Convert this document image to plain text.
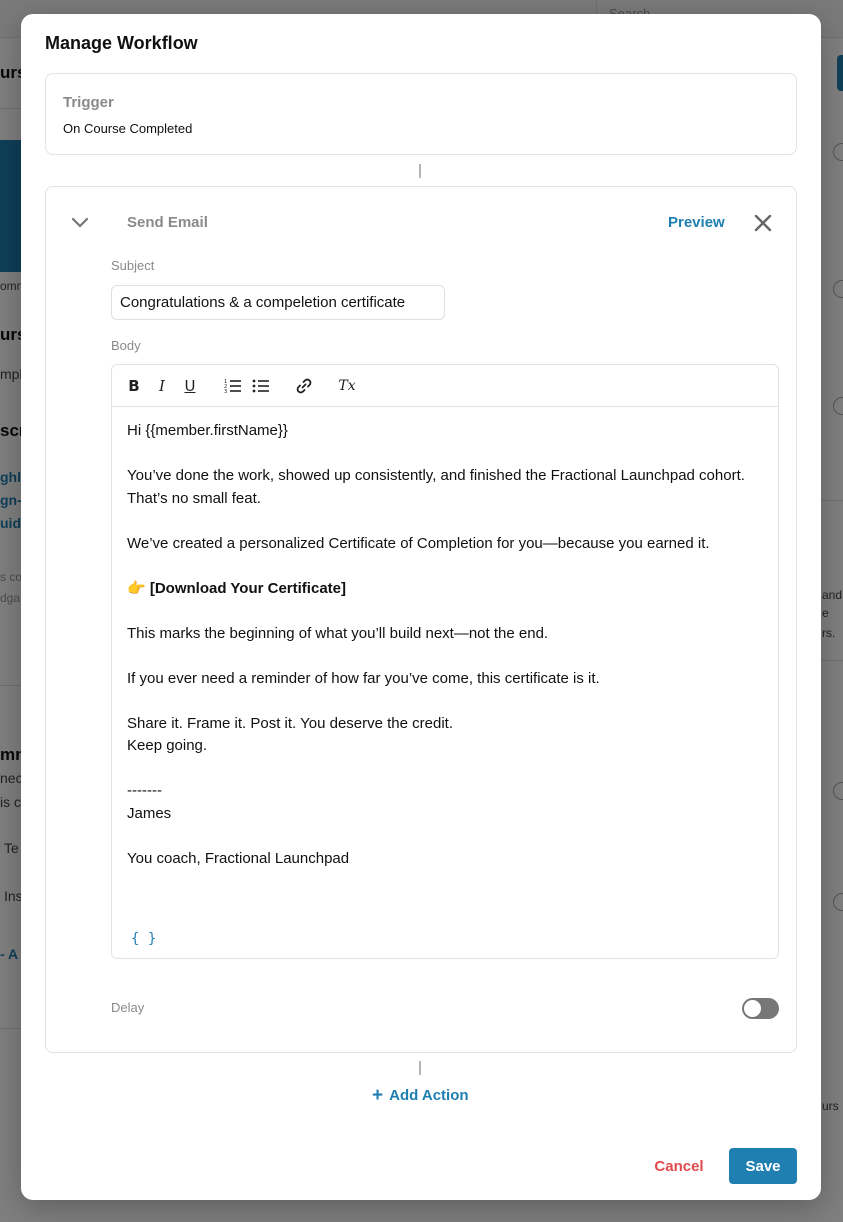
Manage Workflow
Trigger
On Course Completed
Send Email	Preview
Subject
Congratulations & a compeletion certificate
Body
B I U	1
2
3	Tx

Hi {{member.firstName}}

You’ve done the work, showed up consistently, and finished the Fractional Launchpad cohort. That’s no small feat.

We’ve created a personalized Certificate of Completion for you—because you earned it.

👉 [Download Your Certificate]

This marks the beginning of what you’ll build next—not the end.

If you ever need a reminder of how far you’ve come, this certificate is it.

Share it. Frame it. Post it. You deserve the credit.

Keep going.

-------

James

You coach, Fractional Launchpad

{ }
Delay
+ Add Action
Cancel	Save
